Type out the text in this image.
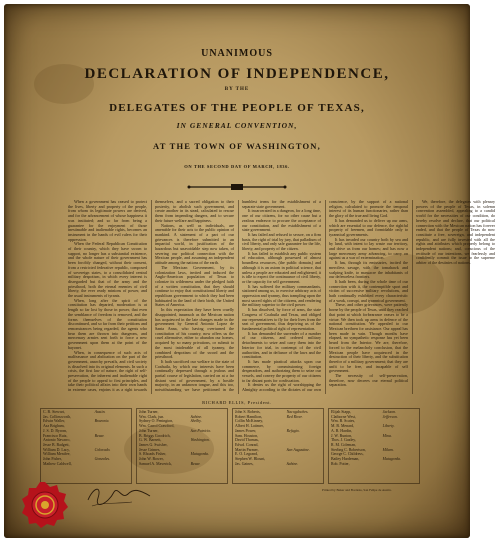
UNANIMOUS
DECLARATION OF INDEPENDENCE,
BY THE
DELEGATES OF THE PEOPLE OF TEXAS,
IN GENERAL CONVENTION,
AT THE TOWN OF WASHINGTON,
ON THE SECOND DAY OF MARCH, 1836.

When a government has ceased to protect the lives, liberty and property of the people, from whom its legitimate powers are derived, and for the advancement of whose happiness it was instituted; and so far from being a guarantee for the enjoyment of those inestimable and inalienable rights, becomes an instrument in the hands of evil rulers for their oppression.

When the Federal Republican Constitution of their country, which they have sworn to support, no longer has a substantial existence, and the whole nature of their government has been forcibly changed, without their consent, from a restricted federative republic, composed of sovereign states, to a consolidated central military despotism, in which every interest is disregarded but that of the army and the priesthood, both the eternal enemies of civil liberty, the ever ready minions of power, and the usual instruments of tyrants.

When, long after the spirit of the constitution has departed, moderation is at length so far lost by those in power, that even the semblance of freedom is removed, and the forms themselves of the constitution discontinued, and so far from their petitions and remonstrances being regarded, the agents who bear them are thrown into dungeons, and mercenary armies sent forth to force a new government upon them at the point of the bayonet.

When, in consequence of such acts of malfeasance and abdication on the part of the government, anarchy prevails, and civil society is dissolved into its original elements. In such a crisis, the first law of nature, the right of self-preservation, the inherent and inalienable right of the people to appeal to first principles, and take their political affairs into their own hands in extreme cases, enjoins it as a right towards themselves, and a sacred obligation to their posterity, to abolish such government, and create another in its stead, calculated to rescue them from impending dangers, and to secure their future welfare and happiness.

Nations, as well as individuals, are amenable for their acts to the public opinion of mankind. A statement of a part of our grievances is therefore submitted to an impartial world, in justification of the hazardous but unavoidable step now taken, of severing our political connection with the Mexican people, and assuming an independent attitude among the nations of the earth.

The Mexican Government, by its colonization laws, invited and induced the Anglo-American population of Texas to colonize its wilderness under the pledged faith of a written constitution, that they should continue to enjoy that constitutional liberty and republican government to which they had been habituated in the land of their birth, the United States of America.

In this expectation they have been cruelly disappointed, inasmuch as the Mexican nation has acquiesced in the late changes made in the government by General Antonio Lopez de Santa Anna, who having overturned the constitution of his country, now offers us the cruel alternative, either to abandon our homes, acquired by so many privations, or submit to the most intolerable of all tyranny, the combined despotism of the sword and the priesthood.

It hath sacrificed our welfare to the state of Coahuila, by which our interests have been continually depressed through a jealous and partial course of legislation, carried on at a far distant seat of government, by a hostile majority, in an unknown tongue, and this too, notwithstanding we have petitioned in the humblest terms for the establishment of a separate state government.

It incarcerated in a dungeon, for a long time, one of our citizens, for no other cause but a zealous endeavor to procure the acceptance of our constitution, and the establishment of a state government.

It has failed and refused to secure, on a firm basis, the right of trial by jury, that palladium of civil liberty, and only safe guarantee for the life, liberty, and property of the citizen.

It has failed to establish any public system of education, although possessed of almost boundless resources, (the public domain,) and although it is an axiom in political science, that unless a people are educated and enlightened, it is idle to expect the continuance of civil liberty, or the capacity for self government.

It has suffered the military commandants, stationed among us, to exercise arbitrary acts of oppression and tyranny, thus trampling upon the most sacred rights of the citizens, and rendering the military superior to the civil power.

It has dissolved, by force of arms, the state Congress of Coahuila and Texas, and obliged our representatives to fly for their lives from the seat of government, thus depriving us of the fundamental political right of representation.

It has demanded the surrender of a number of our citizens, and ordered military detachments to seize and carry them into the Interior for trial, in contempt of the civil authorities, and in defiance of the laws and the constitution.

It has made piratical attacks upon our commerce, by commissioning foreign desperadoes, and authorizing them to seize our vessels, and convey the property of our citizens to far distant ports for confiscation.

It denies us the right of worshipping the Almighty according to the dictates of our own conscience, by the support of a national religion, calculated to promote the temporal interest of its human functionaries, rather than the glory of the true and living God.

It has demanded us to deliver up our arms, which are essential to our defence, the rightful property of freemen, and formidable only to tyrannical governments.

It has invaded our country both by sea and by land, with intent to lay waste our territory, and drive us from our homes; and has now a large mercenary army advancing, to carry on against us a war of extermination.

It has, through its emissaries, incited the merciless savage, with the tomahawk and scalping knife, to massacre the inhabitants of our defenceless frontiers.

It hath been, during the whole time of our connection with it, the contemptible sport and victim of successive military revolutions, and hath continually exhibited every characteristic of a weak, corrupt, and tyrannical government.

These, and other grievances, were patiently borne by the people of Texas, until they reached that point at which forbearance ceases to be a virtue. We then took up arms in defence of the national constitution. We appealed to our Mexican brethren for assistance. Our appeal has been made in vain. Though months have elapsed, no sympathetic response has yet been heard from the Interior. We are, therefore, forced to the melancholy conclusion, that the Mexican people have acquiesced in the destruction of their liberty, and the substitution therefor of a military government; that they are unfit to be free, and incapable of self government.

The necessity of self-preservation, therefore, now decrees our eternal political separation.

We, therefore, the delegates with plenary powers of the people of Texas, in solemn convention assembled, appealing to a candid world for the necessities of our condition, do hereby resolve and declare, that our political connection with the Mexican nation has forever ended, and that the people of Texas do now constitute a free, sovereign, and independent republic, and are fully invested with all the rights and attributes which properly belong to independent nations; and, conscious of the rectitude of our intentions, we fearlessly and confidently commit the issue to the supreme arbiter of the destinies of nations.

RICHARD ELLIS, President.
C. B. Stewart,
Jas. Collinsworth,
Edwin Waller,
Asa Brigham,
J. S. D. Byrom,
Francisco Ruiz,
Antonio Navarro,
Jesse B. Badgett,
William D. Lacy,
William Menifee,
John Fisher,
Mathew Caldwell,
Austin.

Brazoria.

Bexar.

Colorado.

Gonzales.

John Turner,
Wm. Clark, jun.
Sydney O. Penington,
Wm. Carrol Crawford,
John Turner,
B. Briggs Goodrich,
G. W. Barnett,
James G. Swisher,
Jesse Grimes,
S. Rhoads Fisher,
John W. Bower,
Samuel A. Maverick,

Sabine.
Shelby.

San Patricio.

Washington.

Matagorda.

Bexar.
John S. Roberts,
Robert Hamilton,
Collin McKinney,
Albert H. Latimer,
James Power,
Sam. Houston,
David Thomas,
Edwd. Conrad,
Martin Parmer,
E. O. Legrand,
Stephen W. Blount,
Jas. Gaines,
Nacogdoches.
Red River.

Refugio.

San Augustine.

Sabine.
Elijah Stapp,
Claiborne West,
Wm. B. Scates,
M. B. Menard,
A. B. Hardin,
J. W. Bunton,
Thos. J. Gazley,
R. M. Coleman,
Sterling C. Robertson,
George C. Childress,
Bailey Hardeman,
Rob. Potter,
Jackson.
Jefferson.

Liberty.

Mina.

Milam.

Matagorda.

Printed by Baker and Bordens, San Felipe de Austin.
